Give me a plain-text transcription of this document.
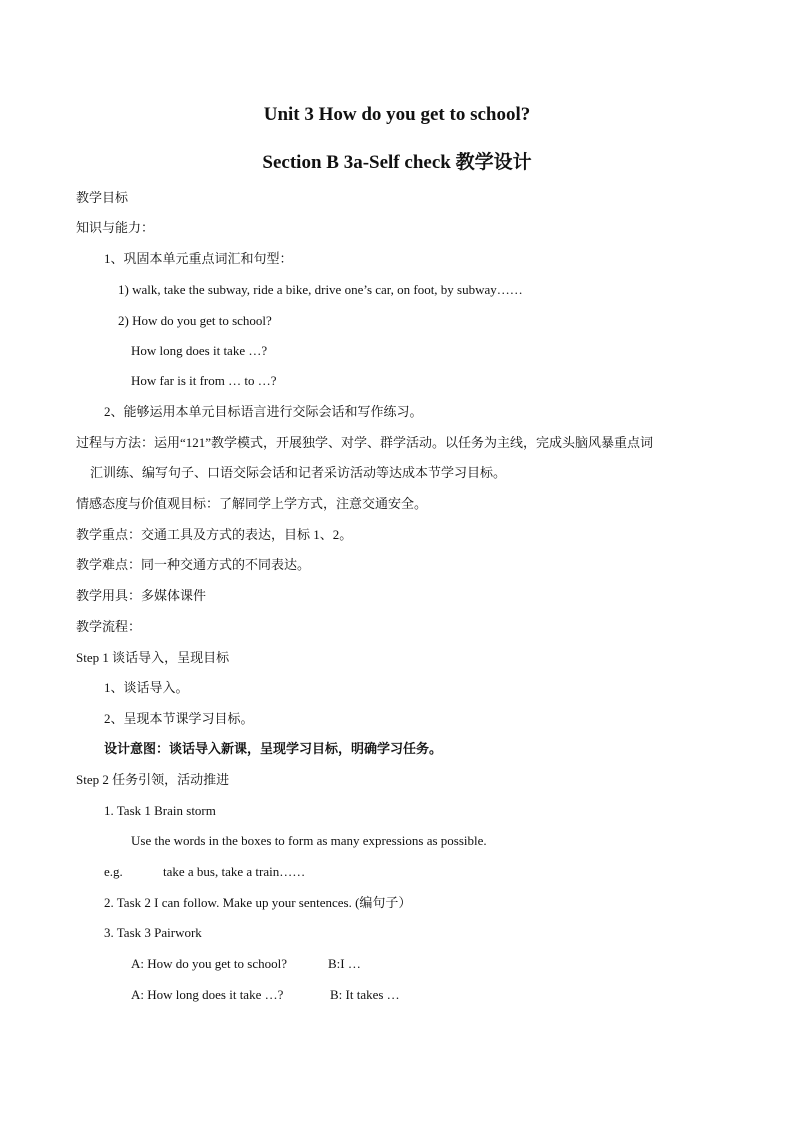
Unit 3 How do you get to school?
Section B 3a-Self check 教学设计
教学目标
知识与能力：
1、巩固本单元重点词汇和句型：
1) walk, take the subway, ride a bike, drive one’s car, on foot, by subway……
2) How do you get to school?
How long does it take …?
How far is it from … to …?
2、能够运用本单元目标语言进行交际会话和写作练习。
过程与方法：运用“121”教学模式，开展独学、对学、群学活动。以任务为主线，完成头脑风暴重点词
汇训练、编写句子、口语交际会话和记者采访活动等达成本节学习目标。
情感态度与价值观目标：了解同学上学方式，注意交通安全。
教学重点：交通工具及方式的表达，目标 1、2。
教学难点：同一种交通方式的不同表达。
教学用具：多媒体课件
教学流程：
Step 1 谈话导入，呈现目标
1、谈话导入。
2、呈现本节课学习目标。
设计意图：谈话导入新课，呈现学习目标，明确学习任务。
Step 2 任务引领，活动推进
1. Task 1 Brain storm
Use the words in the boxes to form as many expressions as possible.
e.g.	take a bus, take a train……
2. Task 2 I can follow. Make up your sentences. (编句子）
3. Task 3 Pairwork
A: How do you get to school?	B:I …
A: How long does it take …?	B: It takes …
